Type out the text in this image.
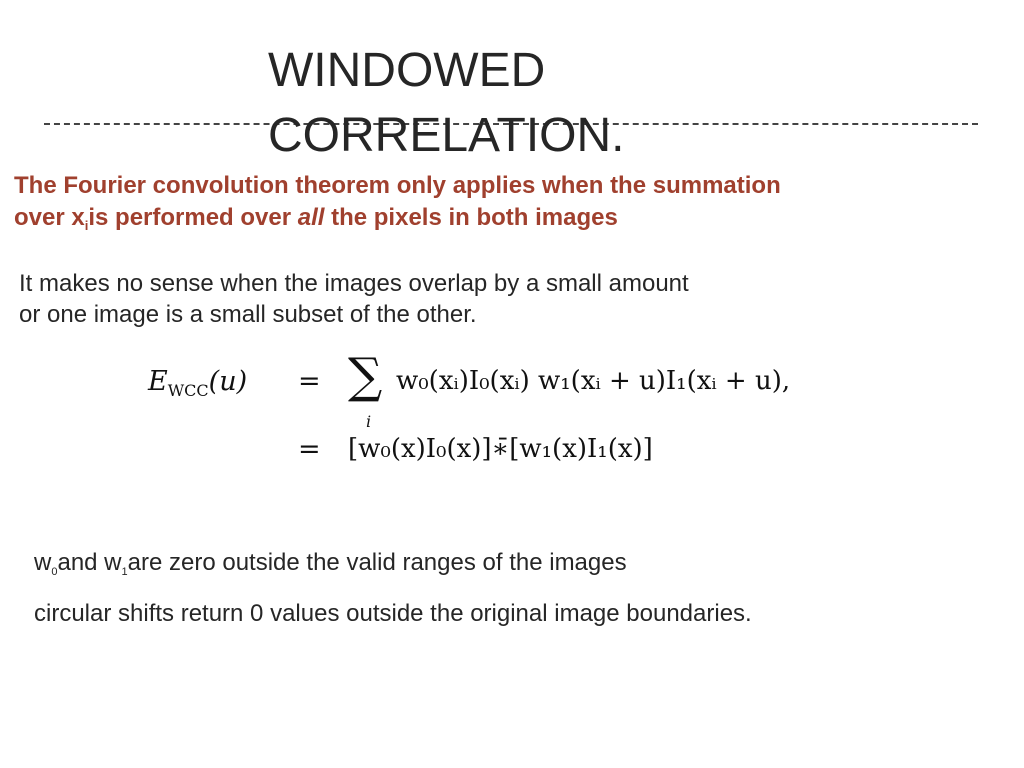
WINDOWED
CORRELATION.

The Fourier convolution theorem only applies when the summation
over $x_iis$ performed over all the pixels in both images

It makes no sense when the images overlap by a small amount
or one image is a small subset of the other.

$E_{WCC}(u)$ = ∑
i
w₀(xᵢ)I₀(xᵢ) w₁(xᵢ + u)I₁(xᵢ + u),
= [w₀(x)I₀(x)]∗̄[w₁(x)I₁(x)]

$w_0and$ $w_1are$ zero outside the valid ranges of the images

circular shifts return 0 values outside the original image boundaries.
